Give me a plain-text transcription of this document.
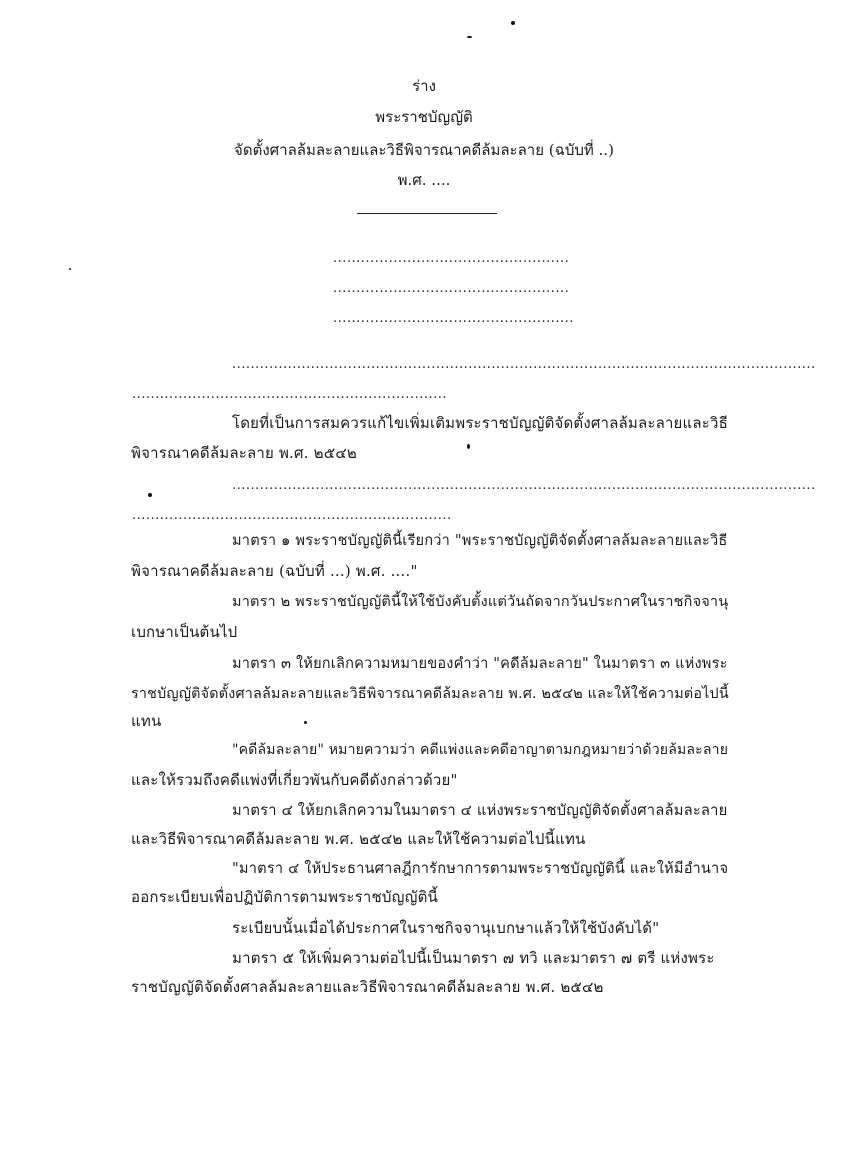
ร่าง
พระราชบัญญัติ
จัดตั้งศาลล้มละลายและวิธีพิจารณาคดีล้มละลาย (ฉบับที่ ..)
พ.ศ. ....
...................................................
...................................................
....................................................
..............................................................................................................................
....................................................................
โดยที่เป็นการสมควรแก้ไขเพิ่มเติมพระราชบัญญัติจัดตั้งศาลล้มละลายและวิธี
พิจารณาคดีล้มละลาย พ.ศ. ๒๕๔๒
..............................................................................................................................
.....................................................................
มาตรา ๑ พระราชบัญญัตินี้เรียกว่า "พระราชบัญญัติจัดตั้งศาลล้มละลายและวิธี
พิจารณาคดีล้มละลาย (ฉบับที่ ...) พ.ศ. ...."
มาตรา ๒ พระราชบัญญัตินี้ให้ใช้บังคับตั้งแต่วันถัดจากวันประกาศในราชกิจจานุ
เบกษาเป็นต้นไป
มาตรา ๓ ให้ยกเลิกความหมายของคำว่า "คดีล้มละลาย" ในมาตรา ๓ แห่งพระ
ราชบัญญัติจัดตั้งศาลล้มละลายและวิธีพิจารณาคดีล้มละลาย พ.ศ. ๒๕๔๒ และให้ใช้ความต่อไปนี้
แทน
"คดีล้มละลาย" หมายความว่า คดีแพ่งและคดีอาญาตามกฎหมายว่าด้วยล้มละลาย
และให้รวมถึงคดีแพ่งที่เกี่ยวพันกับคดีดังกล่าวด้วย"
มาตรา ๔ ให้ยกเลิกความในมาตรา ๔ แห่งพระราชบัญญัติจัดตั้งศาลล้มละลาย
และวิธีพิจารณาคดีล้มละลาย พ.ศ. ๒๕๔๒ และให้ใช้ความต่อไปนี้แทน
"มาตรา ๔ ให้ประธานศาลฎีการักษาการตามพระราชบัญญัตินี้ และให้มีอำนาจ
ออกระเบียบเพื่อปฏิบัติการตามพระราชบัญญัตินี้
ระเบียบนั้นเมื่อได้ประกาศในราชกิจจานุเบกษาแล้วให้ใช้บังคับได้"
มาตรา ๕ ให้เพิ่มความต่อไปนี้เป็นมาตรา ๗ ทวิ และมาตรา ๗ ตรี แห่งพระ
ราชบัญญัติจัดตั้งศาลล้มละลายและวิธีพิจารณาคดีล้มละลาย พ.ศ. ๒๕๔๒
